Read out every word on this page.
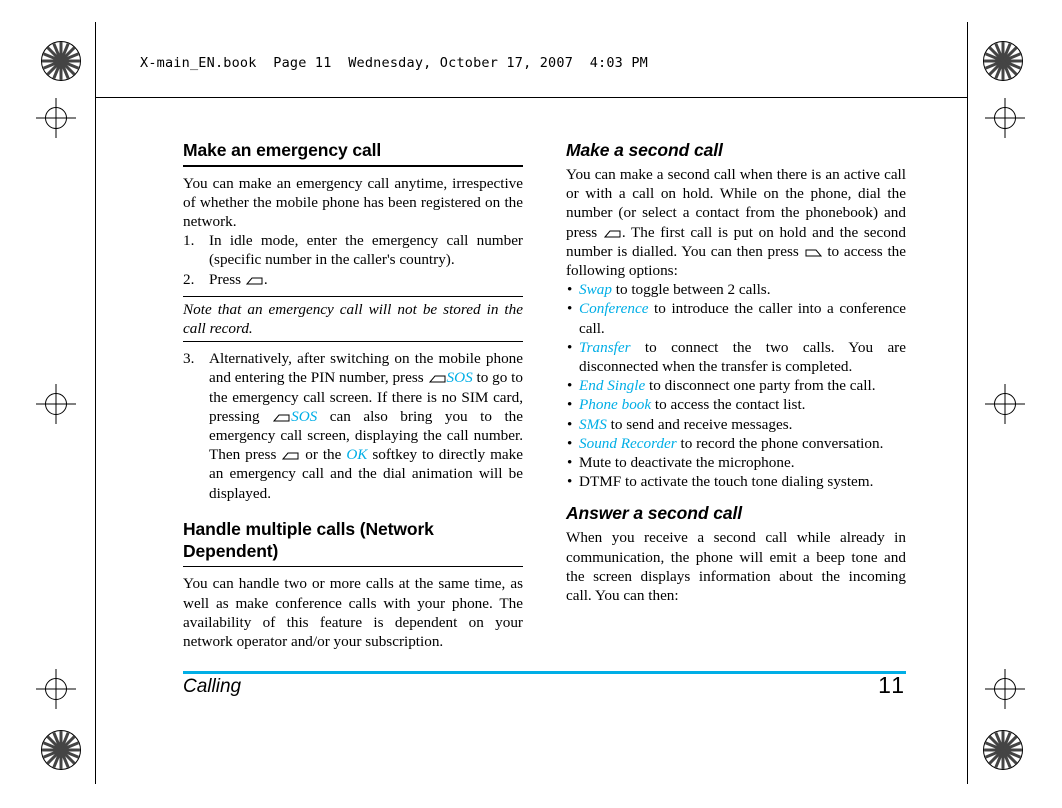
X-main_EN.book  Page 11  Wednesday, October 17, 2007  4:03 PM
Make an emergency call

You can make an emergency call anytime, irrespective of whether the mobile phone has been registered on the network.

1. In idle mode, enter the emergency call number (specific number in the caller's country).
2. Press
.
Note that an emergency call will not be stored in the call record.
3. Alternatively, after switching on the mobile phone and entering the PIN number, press
SOS to go to the emergency call screen. If there is no SIM card, pressing
SOS can also bring you to the emergency call screen, displaying the call number. Then press
or the OK softkey to directly make an emergency call and the dial animation will be displayed.
Handle multiple calls (Network
Dependent)

You can handle two or more calls at the same time, as well as make conference calls with your phone. The availability of this feature is dependent on your network operator and/or your subscription.

Make a second call

You can make a second call when there is an active call or with a call on hold. While on the phone, dial the number (or select a contact from the phonebook) and press
. The first call is put on hold and the second number is dialled. You can then press
to access the following options:

• Swap to toggle between 2 calls.
• Conference to introduce the caller into a conference call.
• Transfer to connect the two calls. You are disconnected when the transfer is completed.
• End Single to disconnect one party from the call.
• Phone book to access the contact list.
• SMS to send and receive messages.
• Sound Recorder to record the phone conversation.
• Mute to deactivate the microphone.
• DTMF to activate the touch tone dialing system.
Answer a second call

When you receive a second call while already in communication, the phone will emit a beep tone and the screen displays information about the incoming call. You can then:

Calling	11
